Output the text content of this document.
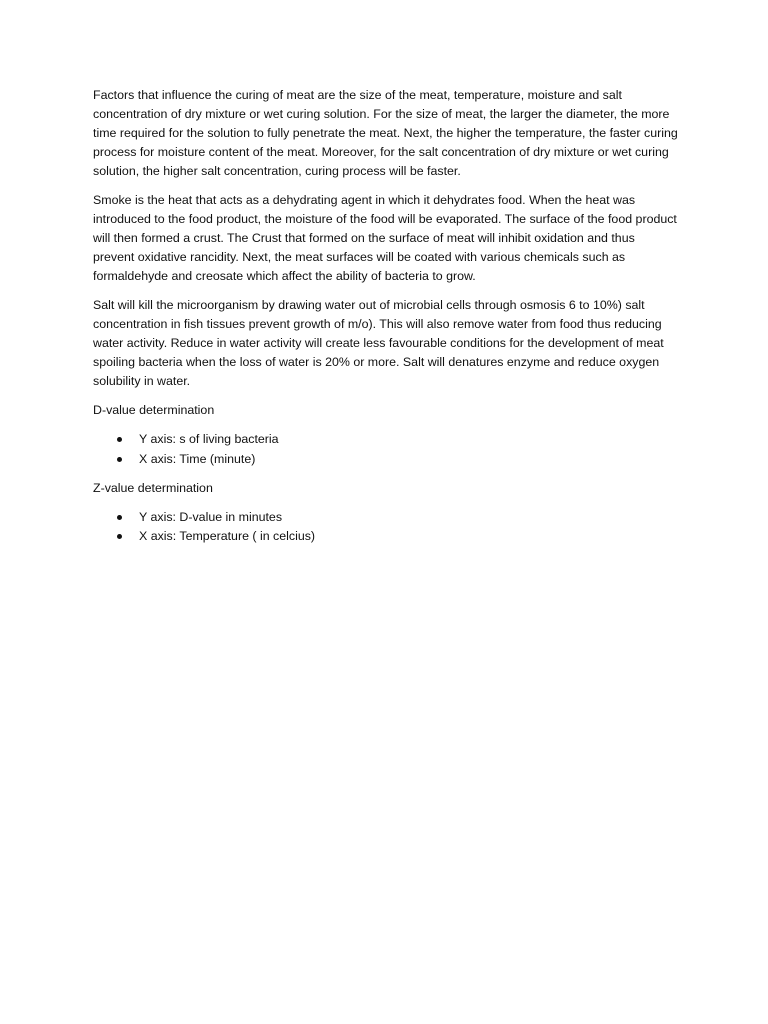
Factors that influence the curing of meat are the size of the meat, temperature, moisture and salt concentration of dry mixture or wet curing solution. For the size of meat, the larger the diameter, the more time required for the solution to fully penetrate the meat. Next, the higher the temperature, the faster curing process for moisture content of the meat. Moreover, for the salt concentration of dry mixture or wet curing solution, the higher salt concentration, curing process will be faster.

Smoke is the heat that acts as a dehydrating agent in which it dehydrates food. When the heat was introduced to the food product, the moisture of the food will be evaporated. The surface of the food product will then formed a crust. The Crust that formed on the surface of meat will inhibit oxidation and thus prevent oxidative rancidity. Next, the meat surfaces will be coated with various chemicals such as formaldehyde and creosate which affect the ability of bacteria to grow.

Salt will kill the microorganism by drawing water out of microbial cells through osmosis 6 to 10%) salt concentration in fish tissues prevent growth of m/o). This will also remove water from food thus reducing water activity. Reduce in water activity will create less favourable conditions for the development of meat spoiling bacteria when the loss of water is 20% or more. Salt will denatures enzyme and reduce oxygen solubility in water.

D-value determination

Y axis: s of living bacteria
X axis: Time (minute)

Z-value determination

Y axis: D-value in minutes
X axis: Temperature ( in celcius)
